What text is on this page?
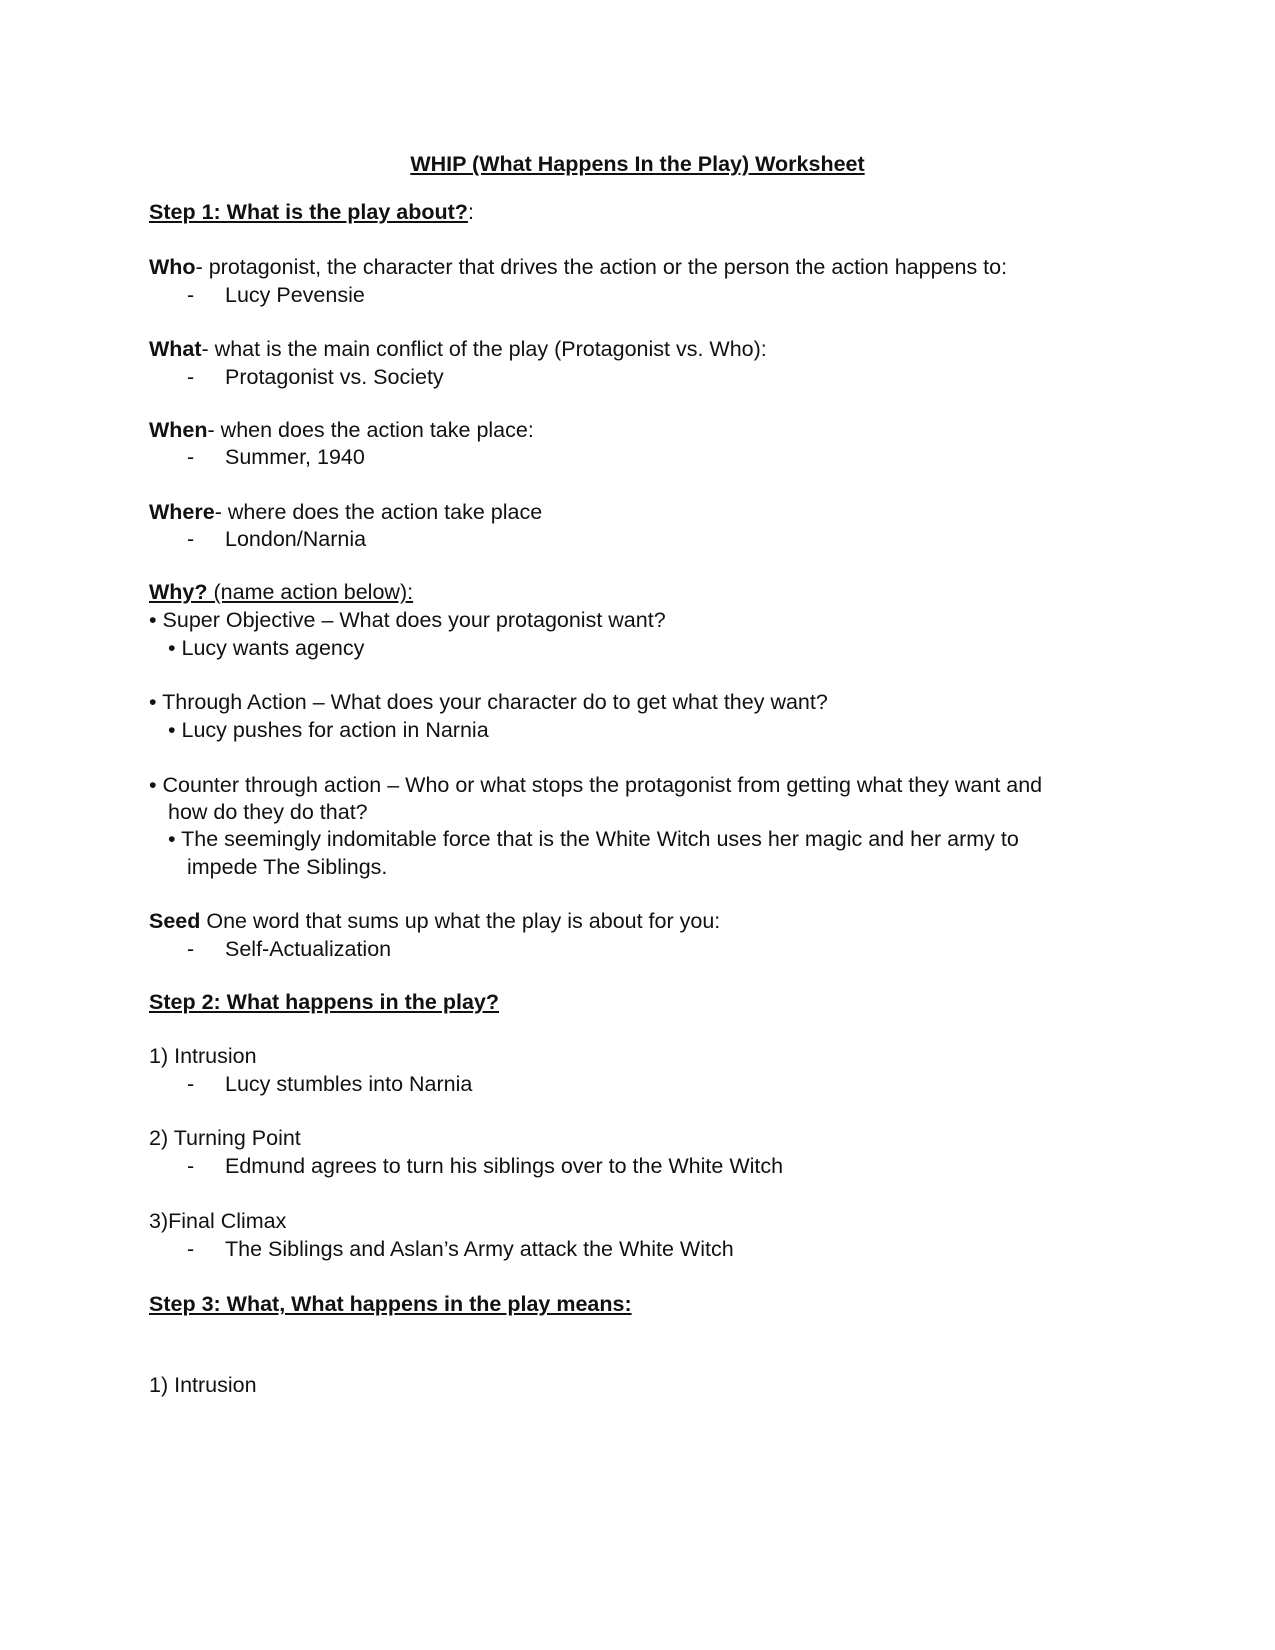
WHIP (What Happens In the Play) Worksheet
Step 1: What is the play about?:
Who- protagonist, the character that drives the action or the person the action happens to:
- Lucy Pevensie
What- what is the main conflict of the play (Protagonist vs. Who):
- Protagonist vs. Society
When- when does the action take place:
- Summer, 1940
Where- where does the action take place
- London/Narnia
Why? (name action below):
• Super Objective – What does your protagonist want?
• Lucy wants agency
• Through Action – What does your character do to get what they want?
• Lucy pushes for action in Narnia
• Counter through action – Who or what stops the protagonist from getting what they want and
how do they do that?
• The seemingly indomitable force that is the White Witch uses her magic and her army to
impede The Siblings.
Seed One word that sums up what the play is about for you:
- Self-Actualization
Step 2: What happens in the play?
1) Intrusion
- Lucy stumbles into Narnia
2) Turning Point
- Edmund agrees to turn his siblings over to the White Witch
3)Final Climax
- The Siblings and Aslan’s Army attack the White Witch
Step 3: What, What happens in the play means:
1) Intrusion
